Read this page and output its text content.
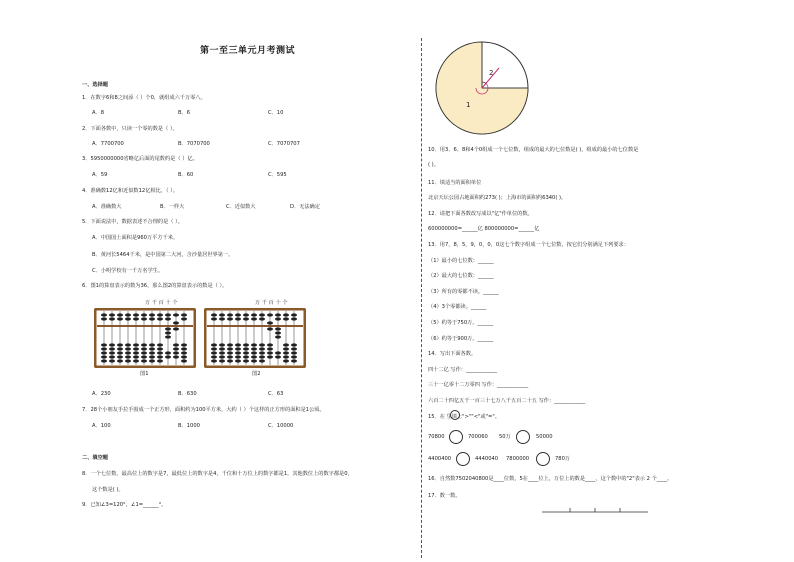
第一至三单元月考测试
一、选择题
1．在数字6和8之间添（ ）个0，就组成六千万零八。
A．8	B．6	C．10
2．下面各数中，只读一个零的数是（ ）。
A．7700700	B．7070700	C．7070707
3．5950000000省略亿后面的尾数约是（ ）亿。
A．59	B．60	C．595
4．准确数12亿和近似数12亿相比，（ ）。
A．准确数大	B．一样大	C．近似数大	D．无法确定
5．下面说法中，数据表述不合理的是（ ）。
A．中国国土面积是960万平方千米。
B．黄河长5464千米，是中国第二大河，含沙量居世界第一。
C．小明学校有一千万名学生。
6．图1的算盘表示的数为36，那么图2的算盘表示的数是（ ）。
万 千 百 十 个
图1
万 千 百 十 个
图2
A．230	B．630	C．63
7．28个小朋友手拉手围成一个正方形，面积约为100平方米，大约（ ）个这样的正方形的面积是1公顷。
A．100	B．1000	C．10000
二、填空题
8．一个七位数，最高位上的数字是7，最低位上的数字是4，千位和十万位上的数字都是1，其他数位上的数字都是0，
这个数是( )。
9．已知∠3=120°，∠1=______°。
1
2
10．用3、6、8和4个0组成一个七位数，组成的最大的七位数是( )，组成的最小的七位数是
( )。
11．填适当的面积单位
北京天坛公园占地面积约273( )；上海市的面积约6340( )。
12．请把下面各数改写成以"亿"作单位的数。
600000000=______亿 800000000=______亿
13．用7，8，5，9，0，0，0这七个数字组成一个七位数，按它们分别满足下列要求：
（1）最小的七位数：______
（2）最大的七位数：______
（3）所有的零都不读。______
（4）3个零都读。______
（5）约等于750万。______
（6）约等于900万。______
14．写出下面各数。
四十二亿 写作：____________
三十一亿零十二万零四 写作：____________
六百二十四亿五千一百三十七万八千五百二十五 写作：____________
15．在 里填上">""<"或"="。
70800	700060 50万	50000
4400400	4440040 7800000	780万
16．自然数7502040800是____位数，5在____位上，万位上的数是____，这个数中的"2"表示 2 个____。
17．数一数。
